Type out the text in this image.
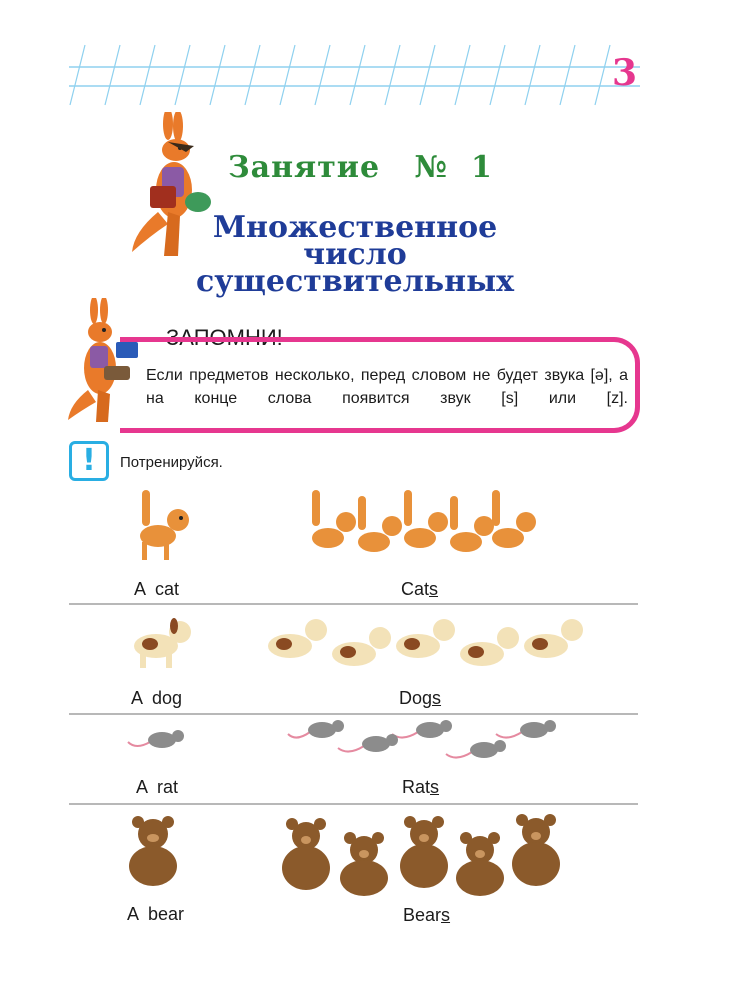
3
Занятие №  1
Множественное
число
существительных
ЗАПОМНИ!
Если предметов несколько, перед словом не будет звука [ə], а на конце слова появится звук [s] или [z].
!	Потренируйся.
A  cat	Cats
A  dog	Dogs
A  rat	Rats
A  bear	Bears
